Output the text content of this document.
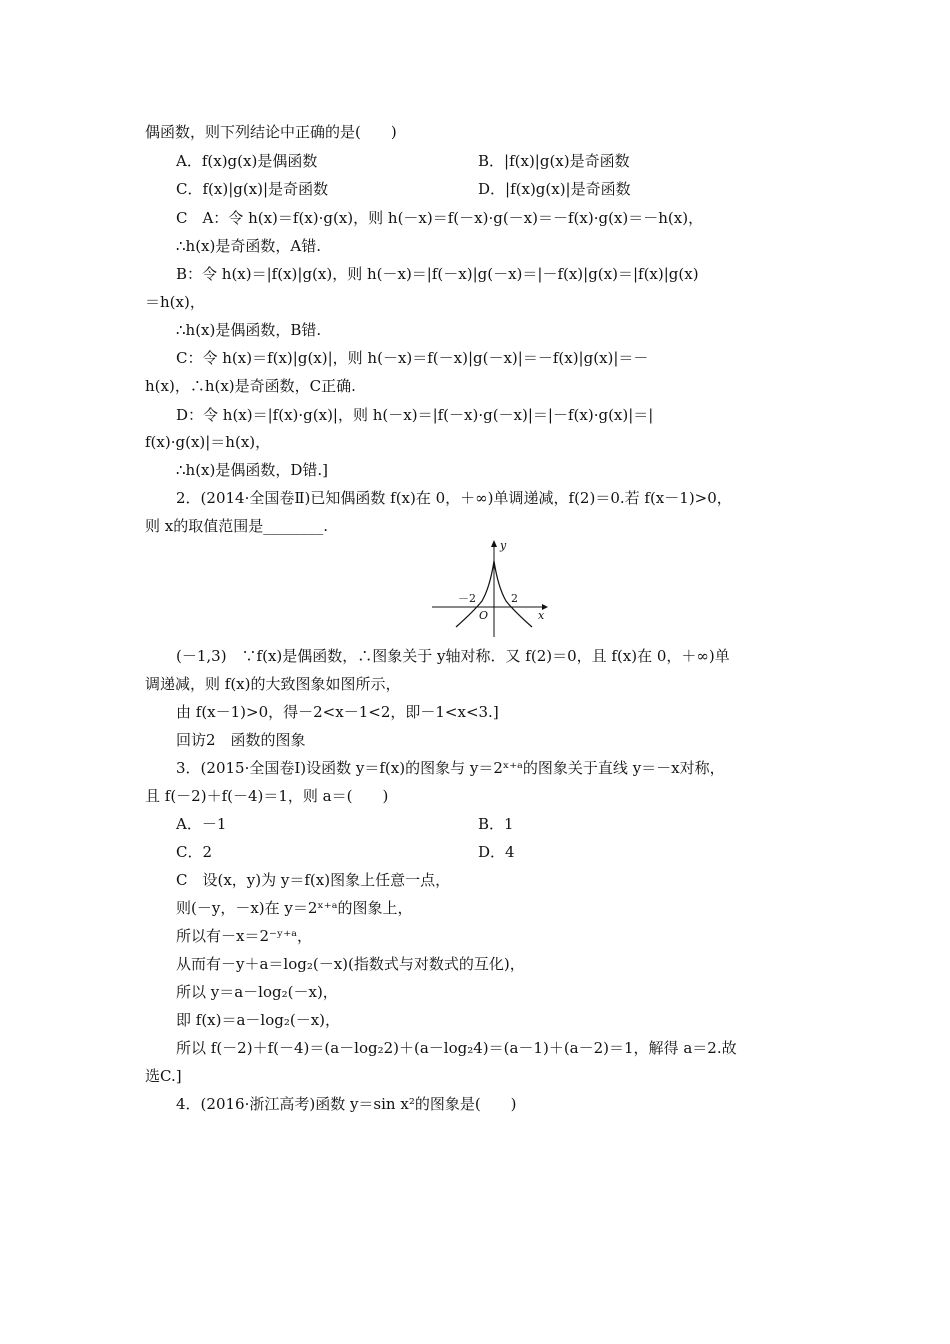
偶函数，则下列结论中正确的是(　　)
A．f(x)g(x)是偶函数	B．|f(x)|g(x)是奇函数
C．f(x)|g(x)|是奇函数	D．|f(x)g(x)|是奇函数
C　A：令 h(x)＝f(x)·g(x)，则 h(－x)＝f(－x)·g(－x)＝－f(x)·g(x)＝－h(x)，
∴h(x)是奇函数，A错.
B：令 h(x)＝|f(x)|g(x)，则 h(－x)＝|f(－x)|g(－x)＝|－f(x)|g(x)＝|f(x)|g(x)
＝h(x)，
∴h(x)是偶函数，B错.
C：令 h(x)＝f(x)|g(x)|，则 h(－x)＝f(－x)|g(－x)|＝－f(x)|g(x)|＝－
h(x)，∴h(x)是奇函数，C正确.
D：令 h(x)＝|f(x)·g(x)|，则 h(－x)＝|f(－x)·g(－x)|＝|－f(x)·g(x)|＝|
f(x)·g(x)|＝h(x)，
∴h(x)是偶函数，D错.]
2．(2014·全国卷Ⅱ)已知偶函数 f(x)在 0，＋∞)单调递减，f(2)＝0.若 f(x－1)>0，
则 x的取值范围是________.
y
x
－2	2
O
(－1,3)　∵f(x)是偶函数，∴图象关于 y轴对称．又 f(2)＝0，且 f(x)在 0，＋∞)单
调递减，则 f(x)的大致图象如图所示，
由 f(x－1)>0，得－2<x－1<2，即－1<x<3.]
回访2　函数的图象
3．(2015·全国卷Ⅰ)设函数 y＝f(x)的图象与 y＝2ˣ⁺ᵃ的图象关于直线 y＝－x对称，
且 f(－2)＋f(－4)＝1，则 a＝(　　)
A．－1	B．1
C．2	D．4
C　设(x，y)为 y＝f(x)图象上任意一点，
则(－y，－x)在 y＝2ˣ⁺ᵃ的图象上，
所以有－x＝2⁻ʸ⁺ᵃ，
从而有－y＋a＝log₂(－x)(指数式与对数式的互化)，
所以 y＝a－log₂(－x)，
即 f(x)＝a－log₂(－x)，
所以 f(－2)＋f(－4)＝(a－log₂2)＋(a－log₂4)＝(a－1)＋(a－2)＝1，解得 a＝2.故
选C.]
4．(2016·浙江高考)函数 y＝sin x²的图象是(　　)
